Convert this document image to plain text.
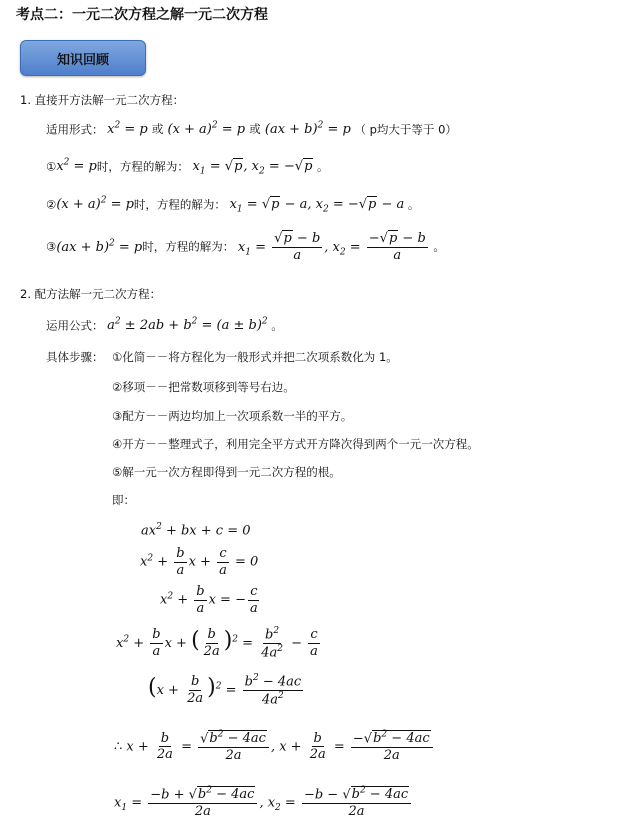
考点二：一元二次方程之解一元二次方程
知识回顾
1. 直接开方法解一元二次方程：
适用形式： $x^2 = p$ 或 $(x + a)^2 = p$ 或 (ax + b)$^2$ = p （ p均大于等于 0）
$①x^2 = p$时，方程的解为： $x_1 = √p$, $x_2 = -√p$ 。
②(x + a)$^2$ = p时，方程的解为： $x_1 = √p - a$, $x_2 = -√p - a$ 。
③(ax + b)$^2$ = p时，方程的解为： $x_1 = \frac{√p - b}{a}$ , $x_2 = \frac{-√p - b}{a}$ 。
2. 配方法解一元二次方程：
运用公式： $a^2 \pm 2ab + b^2 = (a \pm b)^2$ 。
具体步骤： ①化简－－将方程化为一般形式并把二次项系数化为 1。
②移项－－把常数项移到等号右边。
③配方－－两边均加上一次项系数一半的平方。
④开方－－整理式子，利用完全平方式开方降次得到两个一元一次方程。
⑤解一元一次方程即得到一元二次方程的根。
即：
$ax^2$ + bx + c = 0
$x^2 + \frac{b}{a}$ $x + \frac{c}{a} = 0$
$x^2 + \frac{b}{a}$ x = − $\frac{c}{a}$
$x^2 + \frac{b}{a}$ x + ( $\frac{b}{2a} )^2 = \frac{b^2}{4a^2} - \frac{c}{a}$
$(x + \frac{b}{2a} )^2 = \frac{b^2 - 4ac}{4a^2}$
∴ $x + \frac{b}{2a} = \frac{√b^2 - 4ac}{2a}$ , $x + \frac{b}{2a} = \frac{-√b^2 - 4ac}{2a}$
$x_1 = \frac{-b + √b^2 - 4ac}{2a}$ , $x_2 = \frac{-b - √b^2 - 4ac}{2a}$
